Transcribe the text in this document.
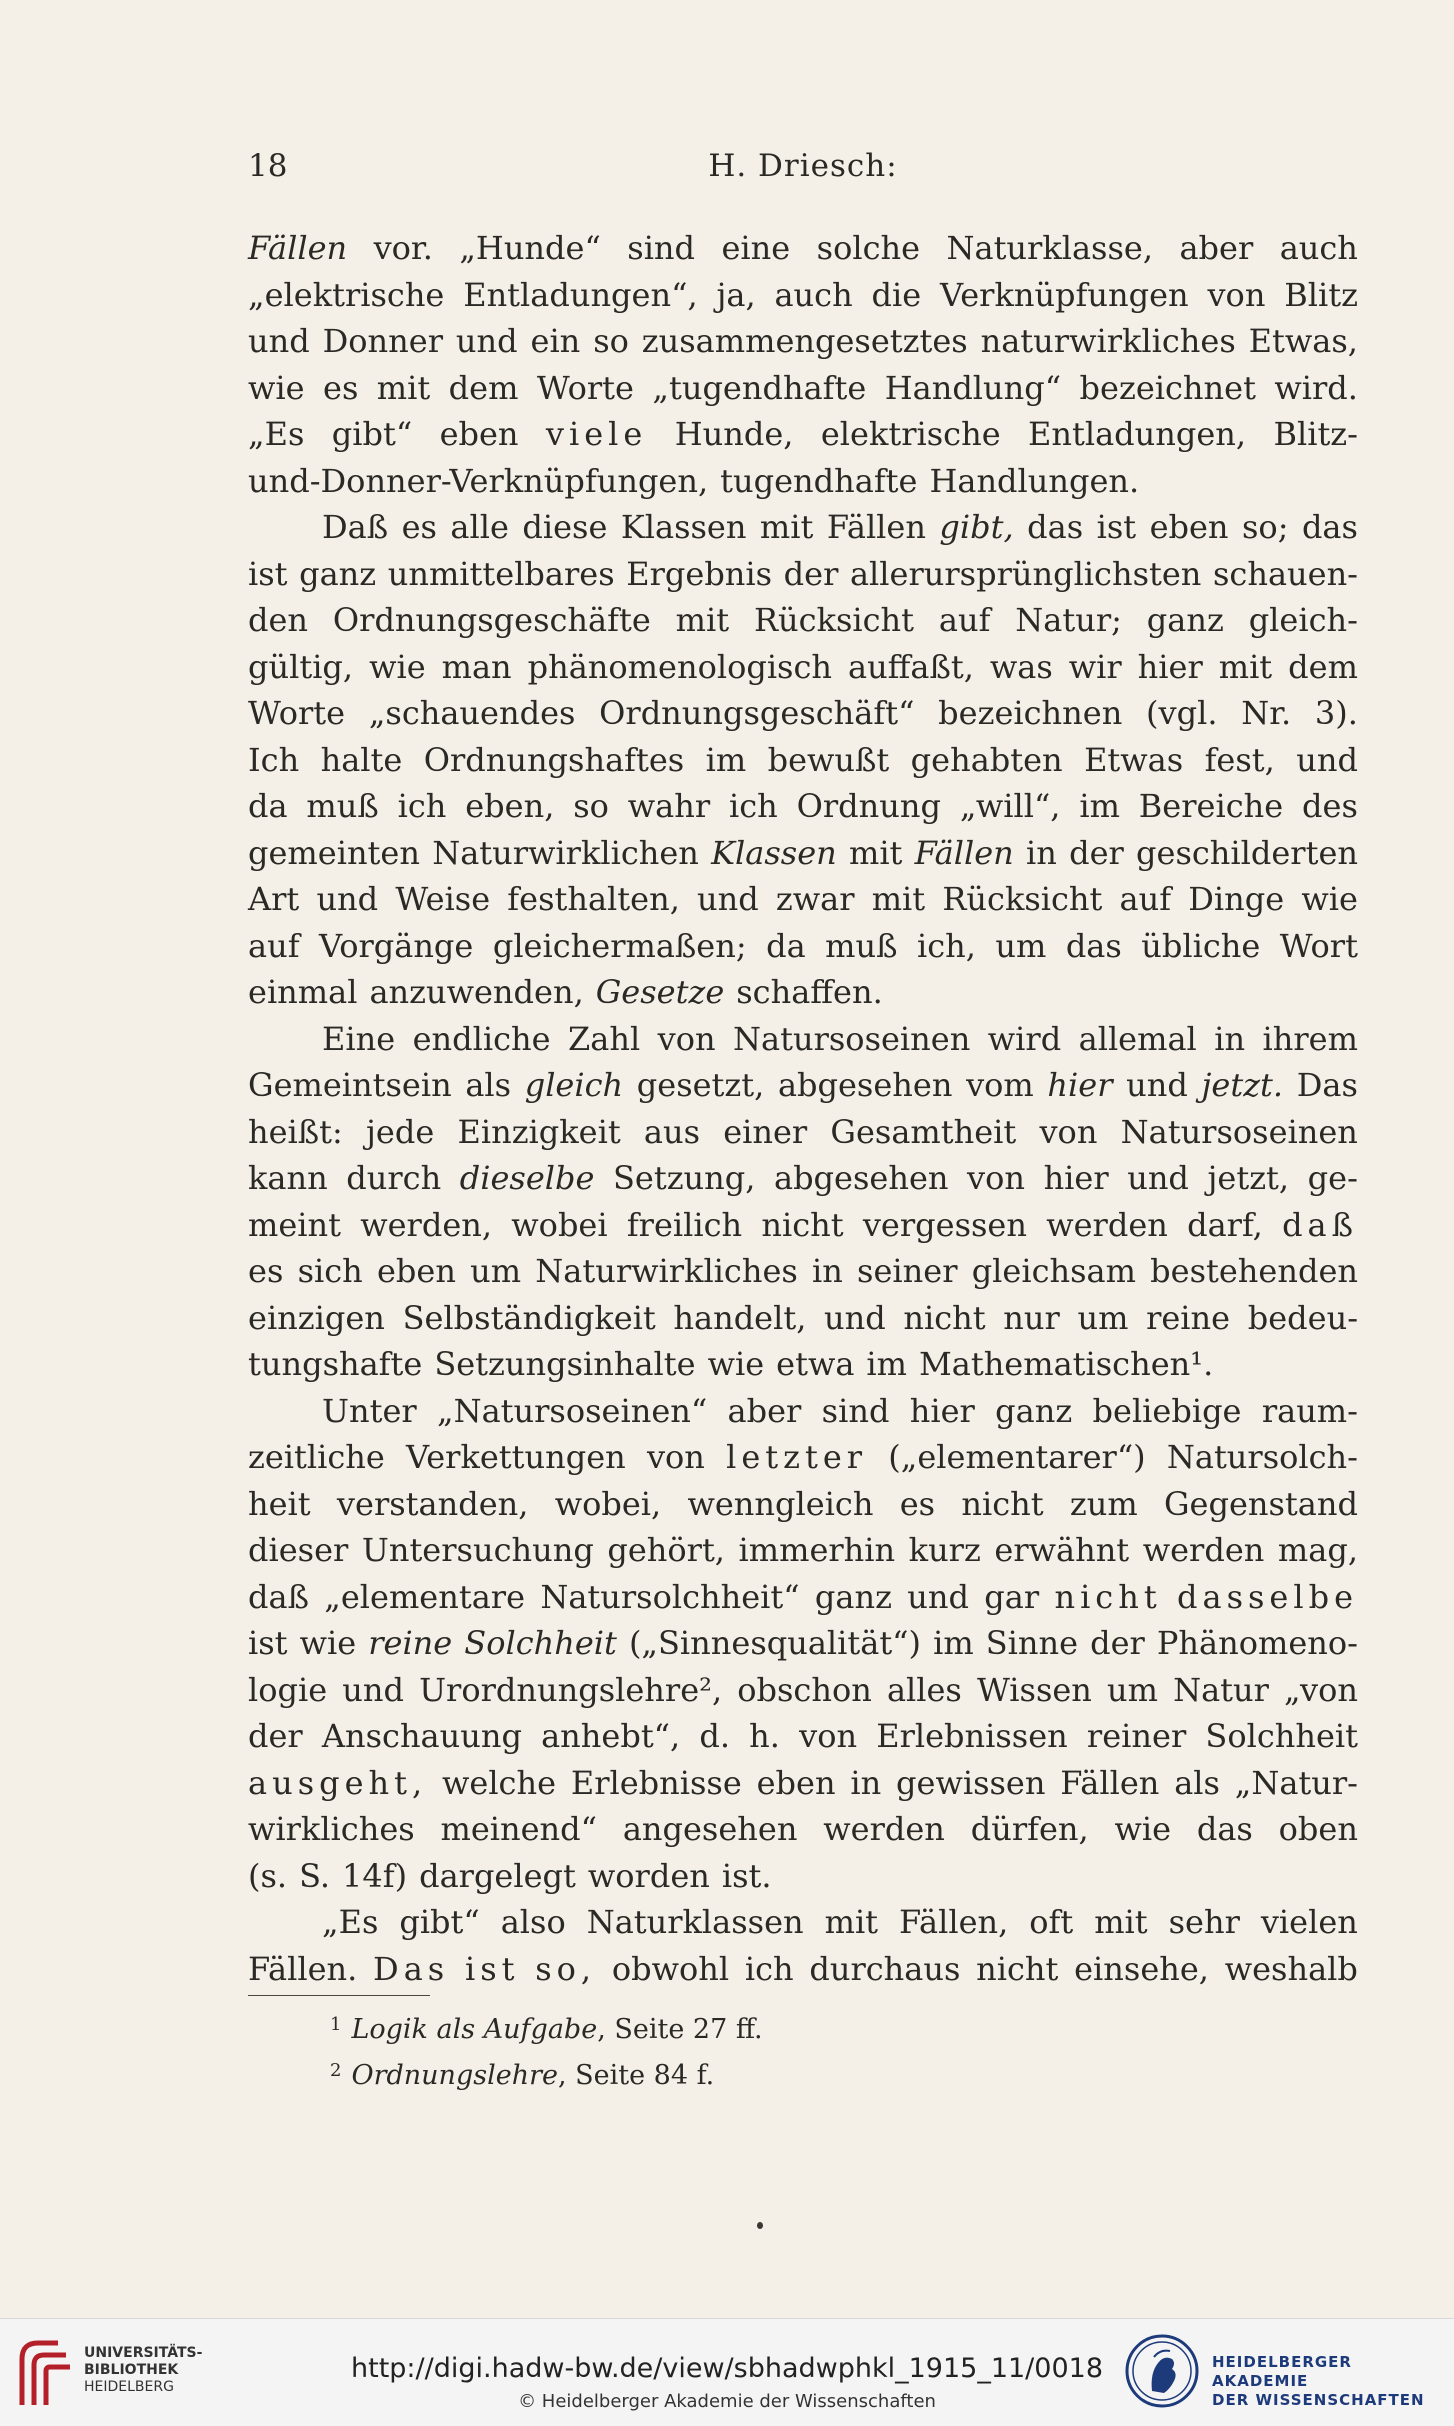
18	H. Driesch:
Fällen vor. „Hunde“ sind eine solche Naturklasse, aber auch
„elektrische Entladungen“, ja, auch die Verknüpfungen von Blitz
und Donner und ein so zusammengesetztes naturwirkliches Etwas,
wie es mit dem Worte „tugendhafte Handlung“ bezeichnet wird.
„Es gibt“ eben viele Hunde, elektrische Entladungen, Blitz-
und-Donner-Verknüpfungen, tugendhafte Handlungen.
Daß es alle diese Klassen mit Fällen gibt, das ist eben so; das
ist ganz unmittelbares Ergebnis der allerursprünglichsten schauen-
den Ordnungsgeschäfte mit Rücksicht auf Natur; ganz gleich-
gültig, wie man phänomenologisch auffaßt, was wir hier mit dem
Worte „schauendes Ordnungsgeschäft“ bezeichnen (vgl. Nr. 3).
Ich halte Ordnungshaftes im bewußt gehabten Etwas fest, und
da muß ich eben, so wahr ich Ordnung „will“, im Bereiche des
gemeinten Naturwirklichen Klassen mit Fällen in der geschilderten
Art und Weise festhalten, und zwar mit Rücksicht auf Dinge wie
auf Vorgänge gleichermaßen; da muß ich, um das übliche Wort
einmal anzuwenden, Gesetze schaffen.
Eine endliche Zahl von Natursoseinen wird allemal in ihrem
Gemeintsein als gleich gesetzt, abgesehen vom hier und jetzt. Das
heißt: jede Einzigkeit aus einer Gesamtheit von Natursoseinen
kann durch dieselbe Setzung, abgesehen von hier und jetzt, ge-
meint werden, wobei freilich nicht vergessen werden darf, daß
es sich eben um Naturwirkliches in seiner gleichsam bestehenden
einzigen Selbständigkeit handelt, und nicht nur um reine bedeu-
tungshafte Setzungsinhalte wie etwa im Mathematischen¹.
Unter „Natursoseinen“ aber sind hier ganz beliebige raum-
zeitliche Verkettungen von letzter („elementarer“) Natursolch-
heit verstanden, wobei, wenngleich es nicht zum Gegenstand
dieser Untersuchung gehört, immerhin kurz erwähnt werden mag,
daß „elementare Natursolchheit“ ganz und gar nicht dasselbe
ist wie reine Solchheit („Sinnesqualität“) im Sinne der Phänomeno-
logie und Urordnungslehre², obschon alles Wissen um Natur „von
der Anschauung anhebt“, d. h. von Erlebnissen reiner Solchheit
ausgeht, welche Erlebnisse eben in gewissen Fällen als „Natur-
wirkliches meinend“ angesehen werden dürfen, wie das oben
(s. S. 14f) dargelegt worden ist.
„Es gibt“ also Naturklassen mit Fällen, oft mit sehr vielen
Fällen. Das ist so, obwohl ich durchaus nicht einsehe, weshalb
$^1$ Logik als Aufgabe, Seite 27 ff.
$^2$ Ordnungslehre, Seite 84 f.
UNIVERSITÄTS-
BIBLIOTHEK
HEIDELBERG
http://digi.hadw-bw.de/view/sbhadwphkl_1915_11/0018
© Heidelberger Akademie der Wissenschaften
HEIDELBERGER AKADEMIE
DER WISSENSCHAFTEN
